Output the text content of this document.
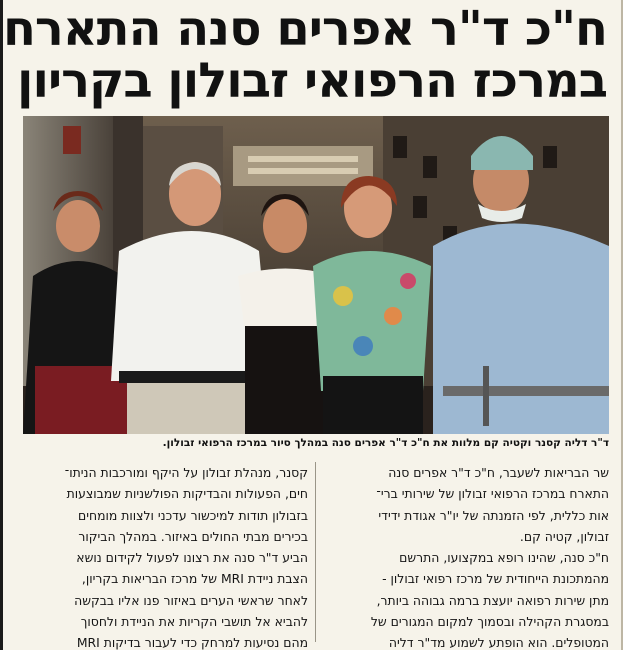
ח"כ ד"ר אפרים סנה התארח
במרכז הרפואי זבולון בקריון
ד"ר דליה קסנר וקטיה קם מלוות את ח"כ ד"ר אפרים סנה במהלך סיור במרכז הרפואי זבולון.
שר הבריאות לשעבר, ח"כ ד"ר אפרים סנה
התארח במרכז הרפואי זבולון של שירותי ברי־
אות כללית, לפי הזמנתה של יו"ר אגודת ידידי
זבולון, קטיה קם.
ח"כ סנה, שהינו רופא במקצועו, התרשם
מהמתכונת הייחודית של מרכז רפואי זבולון -
מתן שירות רפואה יועצת ברמה גבוהה ביותר,
במסגרת הקהילה ובסמוך למקום המגורים של
המטופלים. הוא הופתע לשמוע מד"ר דליה
קסנר, מנהלת זבולון על היקף ומורכבות הניתו־
חים, הפעולות והבדיקות הפולשניות שמבוצעות
בזבולון תודות למיכשור עדכני ולצוות מומחים
בכירים מבתי החולים באיזור. במהלך הביקור
הביע ד"ר סנה את רצונו לפעול לקידום נושא
הצבת ניידת MRI של מרכז הבריאות בקריון,
לאחר שראשי הערים באיזור פנו אליו בבקשה
להביא אל תושבי הקריות את הניידת ולחסוך
מהם נסיעות למרחק כדי לעבור בדיקות MRI
